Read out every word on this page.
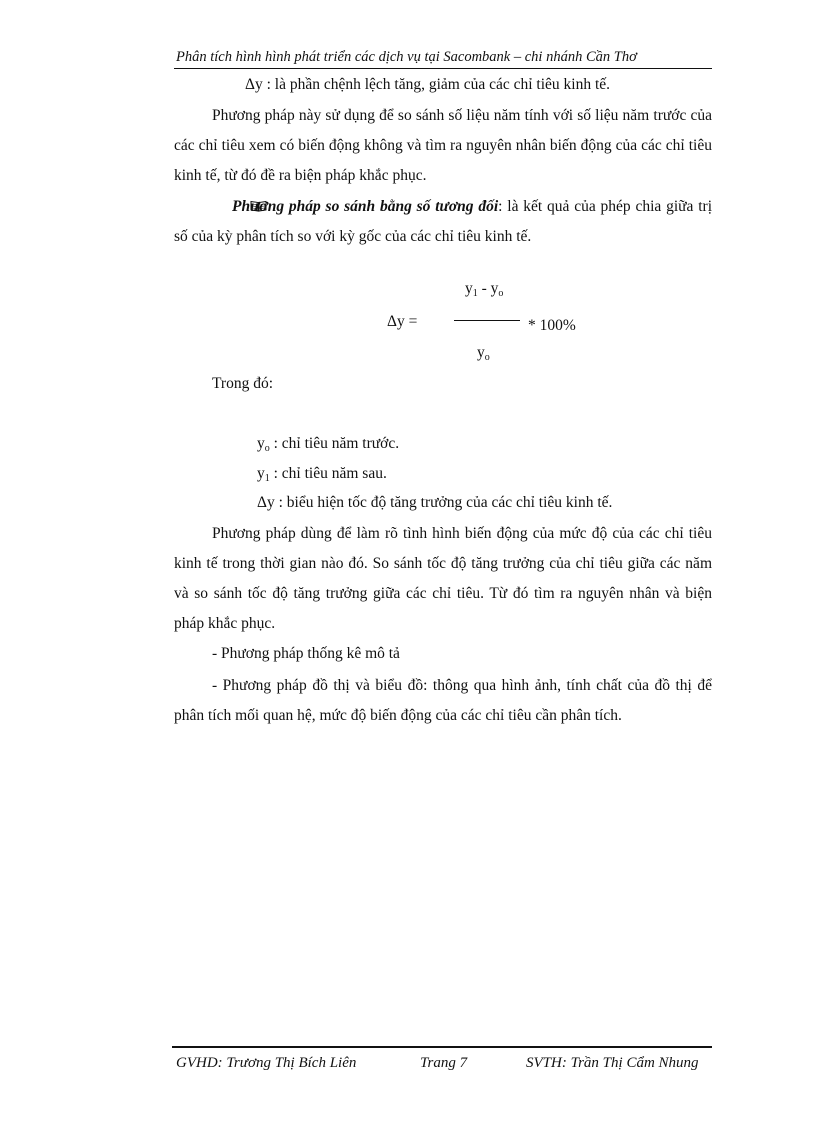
Phân tích hình hình phát triển các dịch vụ tại Sacombank – chi nhánh Cần Thơ
Δy : là phần chệnh lệch tăng, giảm của các chỉ tiêu kinh tế.

Phương pháp này sử dụng để so sánh số liệu năm tính với số liệu năm trước của các chỉ tiêu xem có biến động không và tìm ra nguyên nhân biến động của các chỉ tiêu kinh tế, từ đó đề ra biện pháp khắc phục.

Phương pháp so sánh bằng số tương đối: là kết quả của phép chia giữa trị số của kỳ phân tích so với kỳ gốc của các chỉ tiêu kinh tế.

$y_1 - y_o$
Δy =	* 100%
$y_o$
Trong đó:
$y_o$ : chỉ tiêu năm trước.
$y_1$ : chỉ tiêu năm sau.
Δy : biểu hiện tốc độ tăng trưởng của các chỉ tiêu kinh tế.

Phương pháp dùng để làm rõ tình hình biến động của mức độ của các chỉ tiêu kinh tế trong thời gian nào đó. So sánh tốc độ tăng trưởng của chỉ tiêu giữa các năm và so sánh tốc độ tăng trưởng giữa các chỉ tiêu. Từ đó tìm ra nguyên nhân và biện pháp khắc phục.

- Phương pháp thống kê mô tả

- Phương pháp đồ thị và biểu đồ: thông qua hình ảnh, tính chất của đồ thị để phân tích mối quan hệ, mức độ biến động của các chỉ tiêu cần phân tích.

GVHD: Trương Thị Bích Liên	Trang 7	SVTH: Trần Thị Cẩm Nhung
